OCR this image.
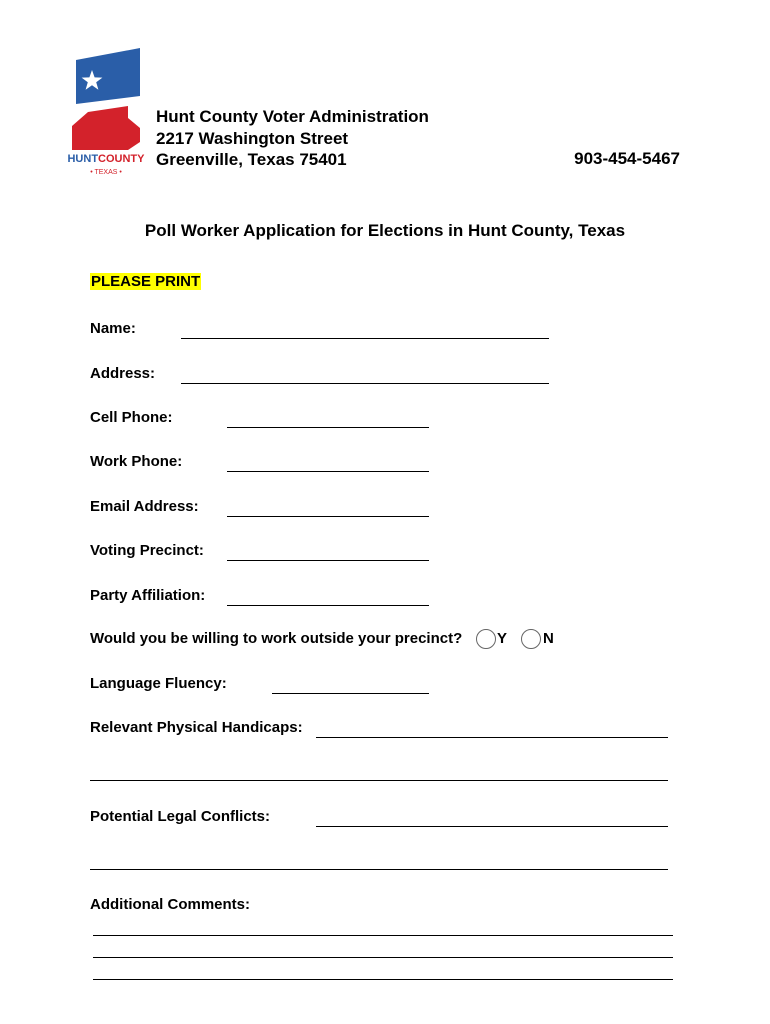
HUNTCOUNTY
• TEXAS •
Hunt County Voter Administration
2217 Washington Street
Greenville, Texas 75401	903-454-5467
Poll Worker Application for Elections in Hunt County, Texas
PLEASE PRINT
Name:
Address:
Cell Phone:
Work Phone:
Email Address:
Voting Precinct:
Party Affiliation:
Would you be willing to work outside your precinct? Y N
Language Fluency:
Relevant Physical Handicaps:
Potential Legal Conflicts:
Additional Comments:
